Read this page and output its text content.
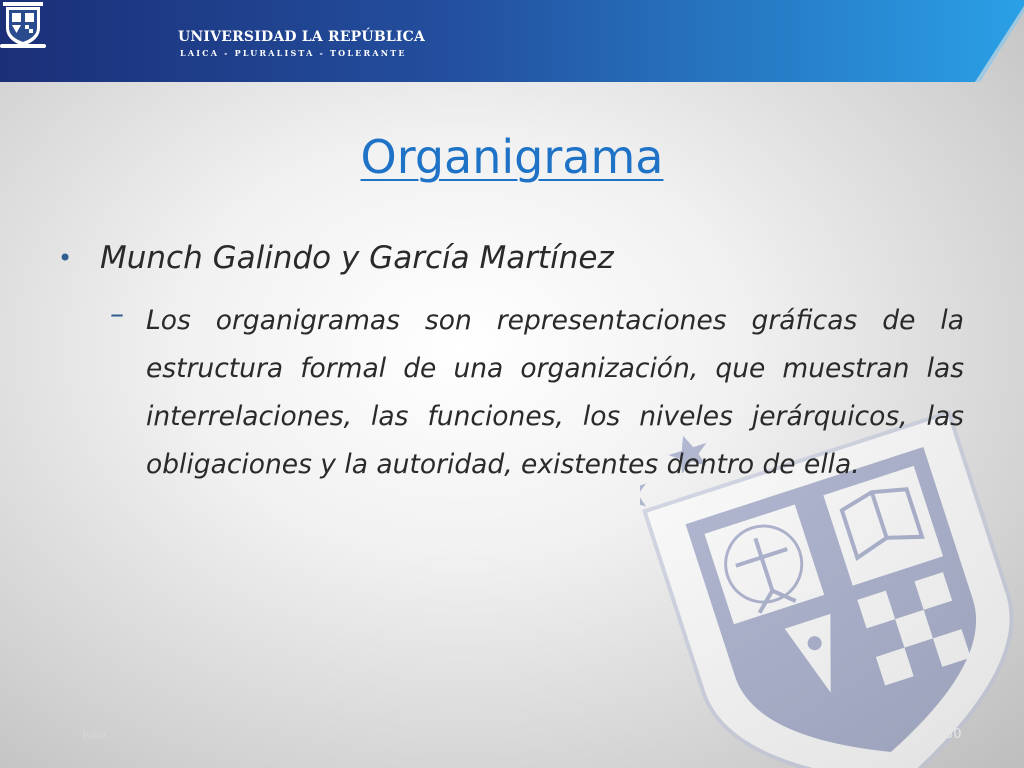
UNIVERSIDAD LA REPÚBLICA
LAICA - PLURALISTA - TOLERANTE
Organigrama
• Munch Galindo y García Martínez
– Los organigramas son representaciones gráficas de la estructura formal de una organización, que muestran las interrelaciones, las funciones, los niveles jerárquicos, las obligaciones y la autoridad, existentes dentro de ella.
Julio	30
